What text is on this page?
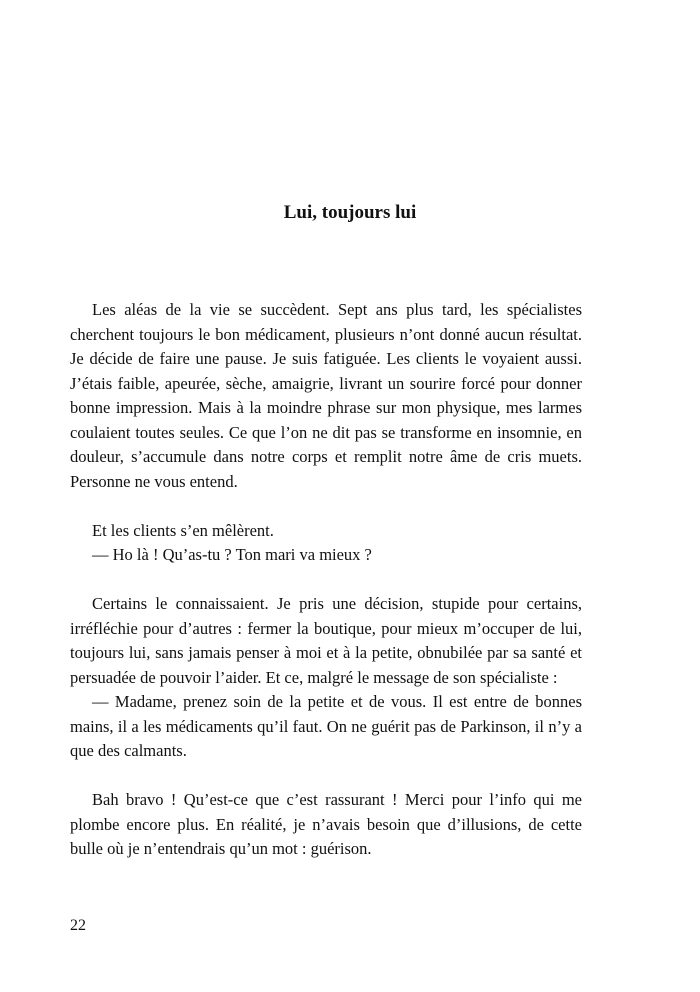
Lui, toujours lui

Les aléas de la vie se succèdent. Sept ans plus tard, les spécialistes cherchent toujours le bon médicament, plusieurs n’ont donné aucun résultat. Je décide de faire une pause. Je suis fatiguée. Les clients le voyaient aussi. J’étais faible, apeurée, sèche, amaigrie, livrant un sourire forcé pour donner bonne impression. Mais à la moindre phrase sur mon physique, mes larmes coulaient toutes seules. Ce que l’on ne dit pas se transforme en insomnie, en douleur, s’accumule dans notre corps et remplit notre âme de cris muets. Personne ne vous entend.

Et les clients s’en mêlèrent.

— Ho là ! Qu’as-tu ? Ton mari va mieux ?

Certains le connaissaient. Je pris une décision, stupide pour certains, irréfléchie pour d’autres : fermer la boutique, pour mieux m’occuper de lui, toujours lui, sans jamais penser à moi et à la petite, obnubilée par sa santé et persuadée de pouvoir l’aider. Et ce, malgré le message de son spécialiste :

— Madame, prenez soin de la petite et de vous. Il est entre de bonnes mains, il a les médicaments qu’il faut. On ne guérit pas de Parkinson, il n’y a que des calmants.

Bah bravo ! Qu’est-ce que c’est rassurant ! Merci pour l’info qui me plombe encore plus. En réalité, je n’avais besoin que d’illusions, de cette bulle où je n’entendrais qu’un mot : guérison.

22
